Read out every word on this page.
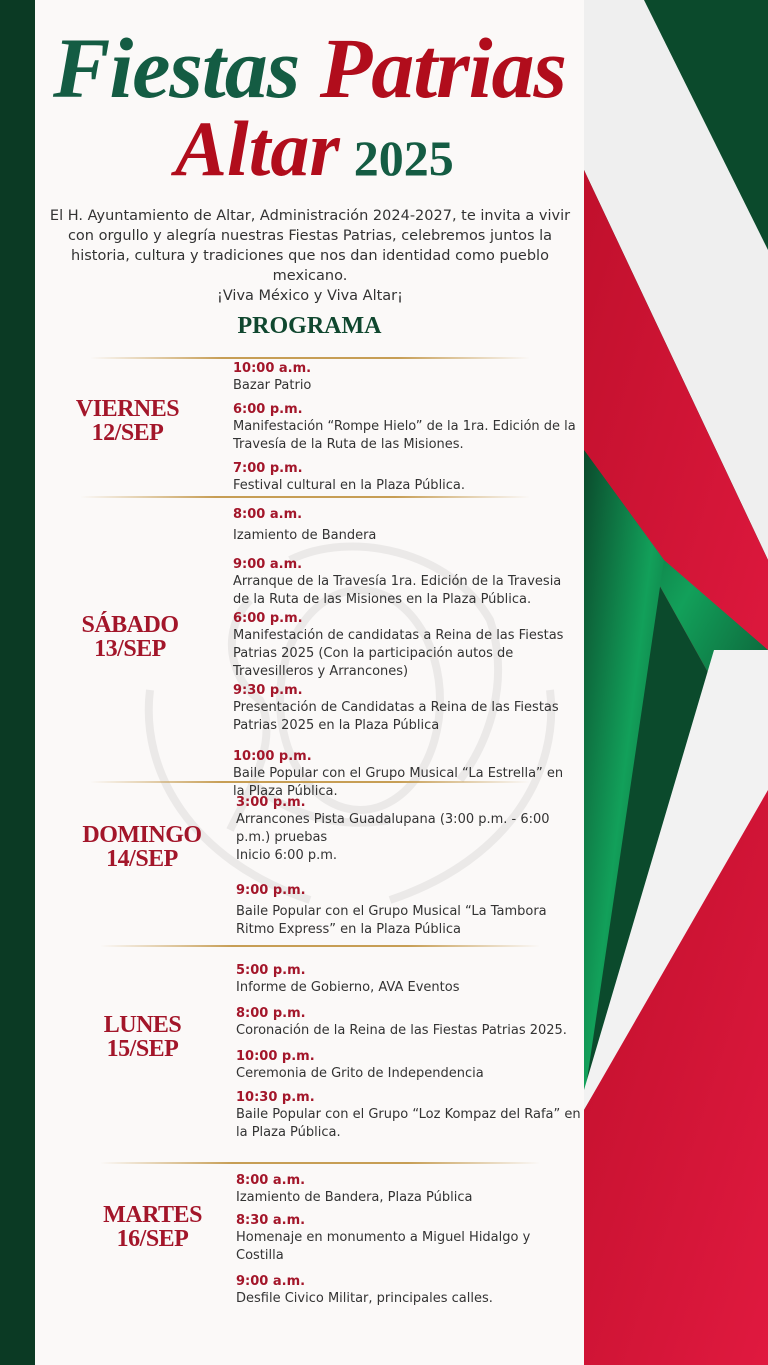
Fiestas Patrias
Altar 2025
El H. Ayuntamiento de Altar, Administración 2024-2027, te invita a vivir con orgullo y alegría nuestras Fiestas Patrias, celebremos juntos la historia, cultura y tradiciones que nos dan identidad como pueblo mexicano.
¡Viva México y Viva Altar¡
PROGRAMA
VIERNES
12/SEP
10:00 a.m.
Bazar Patrio
6:00 p.m.
Manifestación “Rompe Hielo” de la 1ra. Edición de la Travesía de la Ruta de las Misiones.
7:00 p.m.
Festival cultural en la Plaza Pública.
SÁBADO
13/SEP
8:00 a.m.
Izamiento de Bandera
9:00 a.m.
Arranque de la Travesía 1ra. Edición de la Travesia de la Ruta de las Misiones en la Plaza Pública.
6:00 p.m.
Manifestación de candidatas a Reina de las Fiestas Patrias 2025 (Con la participación autos de Travesilleros y Arrancones)
9:30 p.m.
Presentación de Candidatas a Reina de las Fiestas Patrias 2025 en la Plaza Pública
10:00 p.m.
Baile Popular con el Grupo Musical “La Estrella” en la Plaza Pública.
DOMINGO
14/SEP
3:00 p.m.
Arrancones Pista Guadalupana (3:00 p.m. - 6:00 p.m.) pruebas
Inicio 6:00 p.m.
9:00 p.m.
Baile Popular con el Grupo Musical “La Tambora Ritmo Express” en la Plaza Pública
LUNES
15/SEP
5:00 p.m.
Informe de Gobierno, AVA Eventos
8:00 p.m.
Coronación de la Reina de las Fiestas Patrias 2025.
10:00 p.m.
Ceremonia de Grito de Independencia
10:30 p.m.
Baile Popular con el Grupo “Loz Kompaz del Rafa” en la Plaza Pública.
MARTES
16/SEP
8:00 a.m.
Izamiento de Bandera, Plaza Pública
8:30 a.m.
Homenaje en monumento a Miguel Hidalgo y Costilla
9:00 a.m.
Desfile Civico Militar, principales calles.
